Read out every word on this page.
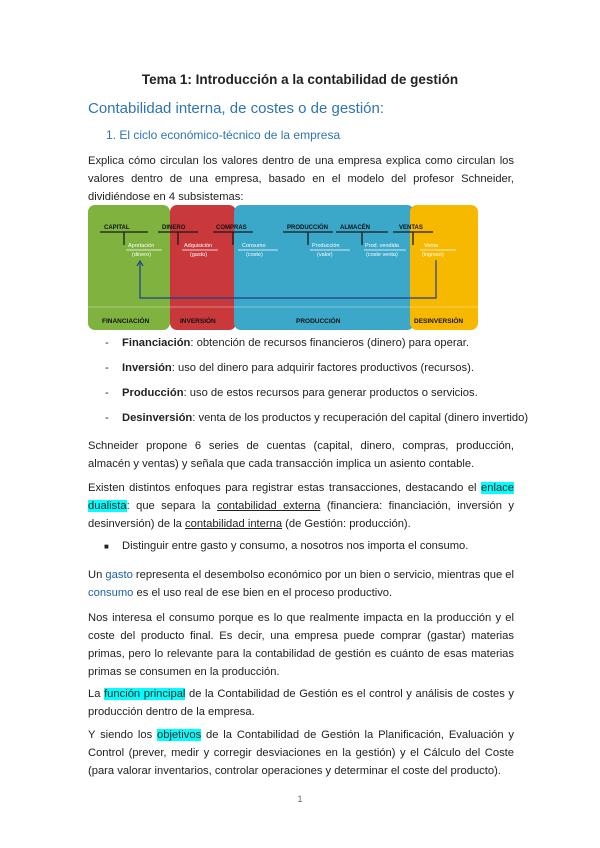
Tema 1: Introducción a la contabilidad de gestión
Contabilidad interna, de costes o de gestión:
1. El ciclo económico-técnico de la empresa
Explica cómo circulan los valores dentro de una empresa explica como circulan los valores dentro de una empresa, basado en el modelo del profesor Schneider, dividiéndose en 4 subsistemas:
CAPITAL	DINERO	COMPRAS	PRODUCCIÓN ALMACÉN	VENTAS
Aportación
(dinero)
Adquisición
(gasto)
Consumo
(coste)
Producción
(valor)
Prod. vendida
(coste venta)
Venta
(ingreso)
FINANCIACIÓN	INVERSIÓN	PRODUCCIÓN	DESINVERSIÓN
- Financiación: obtención de recursos financieros (dinero) para operar.
- Inversión: uso del dinero para adquirir factores productivos (recursos).
- Producción: uso de estos recursos para generar productos o servicios.
- Desinversión: venta de los productos y recuperación del capital (dinero invertido)
Schneider propone 6 series de cuentas (capital, dinero, compras, producción, almacén y ventas) y señala que cada transacción implica un asiento contable.
Existen distintos enfoques para registrar estas transacciones, destacando el enlace dualista: que separa la contabilidad externa (financiera: financiación, inversión y desinversión) de la contabilidad interna (de Gestión: producción).
■ Distinguir entre gasto y consumo, a nosotros nos importa el consumo.
Un gasto representa el desembolso económico por un bien o servicio, mientras que el consumo es el uso real de ese bien en el proceso productivo.
Nos interesa el consumo porque es lo que realmente impacta en la producción y el coste del producto final. Es decir, una empresa puede comprar (gastar) materias primas, pero lo relevante para la contabilidad de gestión es cuánto de esas materias primas se consumen en la producción.
La función principal de la Contabilidad de Gestión es el control y análisis de costes y producción dentro de la empresa.
Y siendo los objetivos de la Contabilidad de Gestión la Planificación, Evaluación y Control (prever, medir y corregir desviaciones en la gestión) y el Cálculo del Coste (para valorar inventarios, controlar operaciones y determinar el coste del producto).
1
